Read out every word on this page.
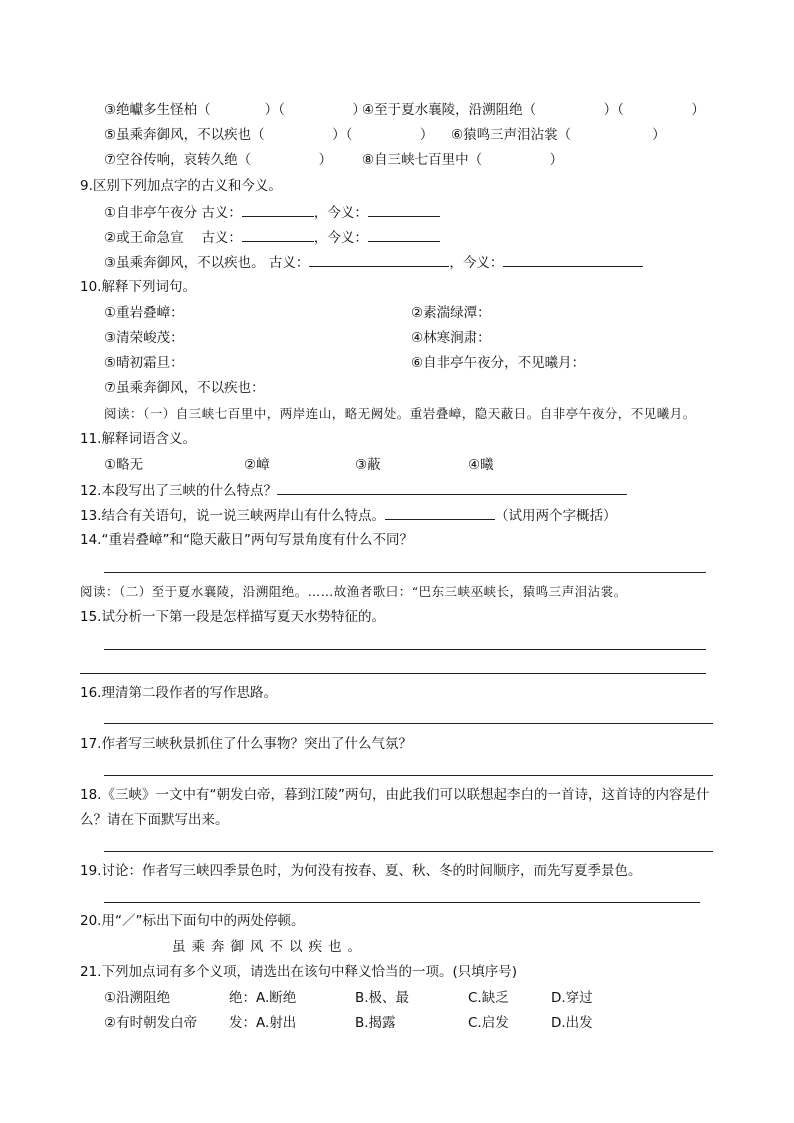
③绝巘多生怪柏（　　　　）（　　　　　）
④至于夏水襄陵，沿溯阻绝（　　　　　）（　　　　　）
⑤虽乘奔御风，不以疾也（　　　　　）（　　　　　） ⑥猿鸣三声泪沾裳（　　　　　　）
⑦空谷传响，哀转久绝（　　　　　） ⑧自三峡七百里中（　　　　　）
9.区别下列加点字的古义和今义。
①自非亭午夜分 古义：	，今义：
②或王命急宣　 古义：	，今义：
③虽乘奔御风，不以疾也。 古义：	，今义：
10.解释下列词句。
①重岩叠嶂：	②素湍绿潭：
③清荣峻茂：	④林寒涧肃：
⑤晴初霜旦：	⑥自非亭午夜分，不见曦月：
⑦虽乘奔御风，不以疾也：
阅读：（一）自三峡七百里中，两岸连山，略无阙处。重岩叠嶂，隐天蔽日。自非亭午夜分，不见曦月。
11.解释词语含义。
①略无	②嶂	③蔽	④曦
12.本段写出了三峡的什么特点？
13.结合有关语句，说一说三峡两岸山有什么特点。	（试用两个字概括）
14.“重岩叠嶂”和“隐天蔽日”两句写景角度有什么不同？
阅读：（二）至于夏水襄陵，沿溯阻绝。……故渔者歌曰：“巴东三峡巫峡长，猿鸣三声泪沾裳。
15.试分析一下第一段是怎样描写夏天水势特征的。
16.理清第二段作者的写作思路。
17.作者写三峡秋景抓住了什么事物？突出了什么气氛？
18.《三峡》一文中有“朝发白帝，暮到江陵”两句，由此我们可以联想起李白的一首诗，这首诗的内容是什
么？请在下面默写出来。
19.讨论：作者写三峡四季景色时，为何没有按春、夏、秋、冬的时间顺序，而先写夏季景色。
20.用“／”标出下面句中的两处停顿。
虽乘奔御风不以疾也。
21.下列加点词有多个义项，请选出在该句中释义恰当的一项。(只填序号)
①沿溯阻绝	绝：A.断绝	B.极、最	C.缺乏	D.穿过
②有时朝发白帝 发：A.射出	B.揭露	C.启发	D.出发
